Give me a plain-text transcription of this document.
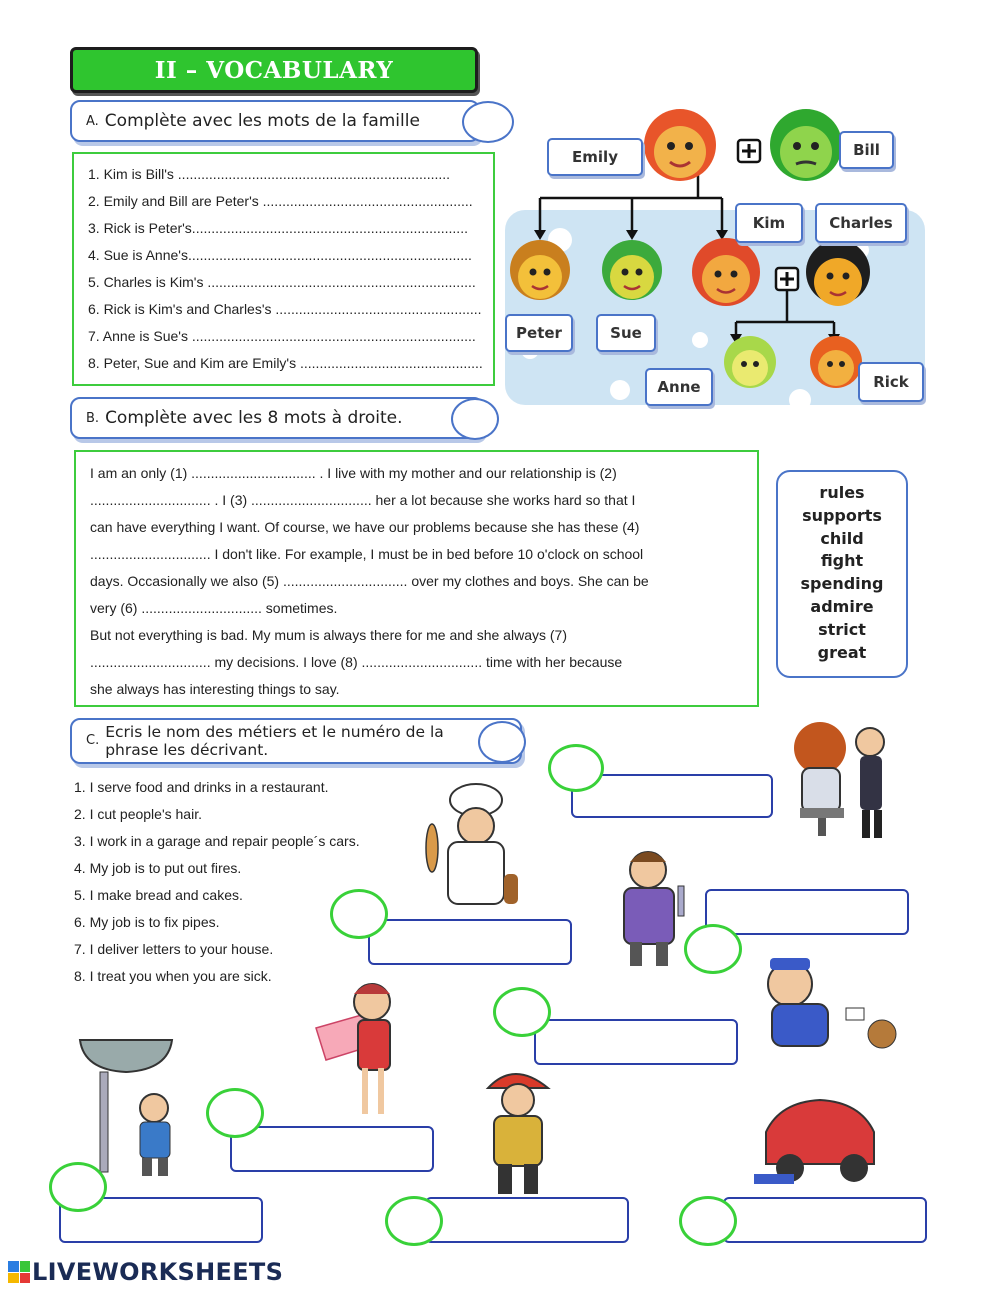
II – VOCABULARY
A. Complète avec les mots de la famille
1. Kim is Bill's ......................................................................
2. Emily and Bill are Peter's ......................................................
3. Rick is Peter's.......................................................................
4. Sue is Anne's.........................................................................
5. Charles is Kim's .....................................................................
6. Rick is Kim's and Charles's .....................................................
7. Anne is Sue's .........................................................................
8. Peter, Sue and Kim are Emily's ...............................................
Emily	Bill
Kim	Charles
Peter	Sue
Anne	Rick
B. Complète avec les 8 mots à droite.
I am an only (1) ................................ . I live with my mother and our relationship is (2)
............................... . I (3) ............................... her a lot because she works hard so that I
can have everything I want. Of course, we have our problems because she has these (4)
............................... I don't like. For example, I must be in bed before 10 o'clock on school
days. Occasionally we also (5) ................................ over my clothes and boys. She can be
very (6) ............................... sometimes.
But not everything is bad. My mum is always there for me and she always (7)
............................... my decisions. I love (8) ............................... time with her because
she always has interesting things to say.
rules
supports
child
fight
spending
admire
strict
great
C. Ecris le nom des métiers et le numéro de la
phrase les décrivant.
1. I serve food and drinks in a restaurant.
2. I cut people's hair.
3. I work in a garage and repair people´s cars.
4. My job is to put out fires.
5. I make bread and cakes.
6. My job is to fix pipes.
7. I deliver letters to your house.
8. I treat you when you are sick.
LIVEWORKSHEETS
